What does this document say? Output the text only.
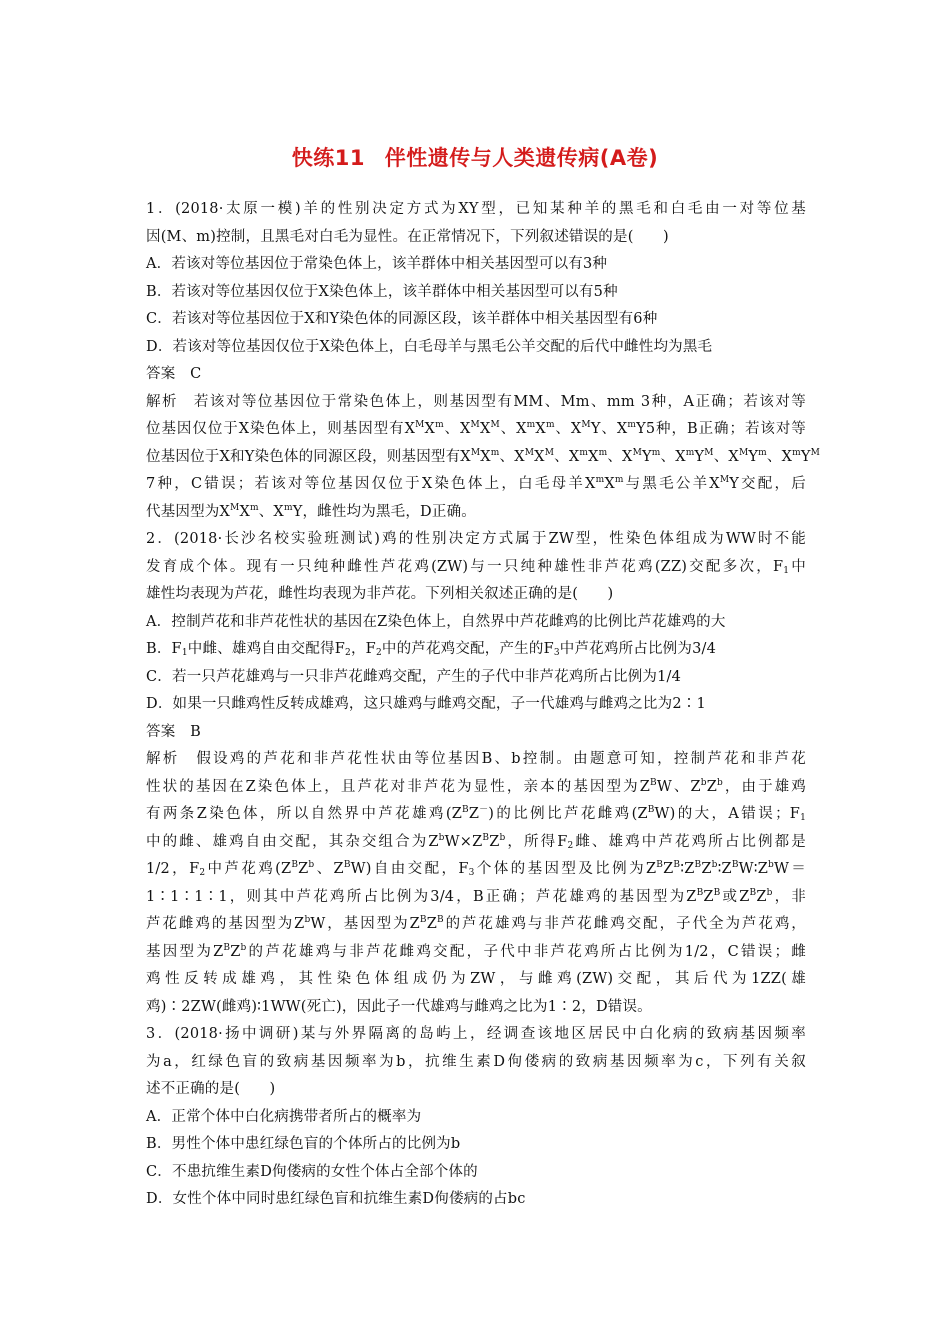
快练11 伴性遗传与人类遗传病(A卷)
1．(2018·太原一模)羊的性别决定方式为XY型，已知某种羊的黑毛和白毛由一对等位基
因(M、m)控制，且黑毛对白毛为显性。在正常情况下，下列叙述错误的是(　　)
A．若该对等位基因位于常染色体上，该羊群体中相关基因型可以有3种
B．若该对等位基因仅位于X染色体上，该羊群体中相关基因型可以有5种
C．若该对等位基因位于X和Y染色体的同源区段，该羊群体中相关基因型有6种
D．若该对等位基因仅位于X染色体上，白毛母羊与黑毛公羊交配的后代中雌性均为黑毛
答案　C
解析　若该对等位基因位于常染色体上，则基因型有MM、Mm、mm 3种，A正确；若该对等
位基因仅位于X染色体上，则基因型有$X^MX^m$、$X^MX^M$、$X^mX^m$、$X^MY$、$X^mY5$种，B正确；若该对等
位基因位于X和Y染色体的同源区段，则基因型有$X^MX^m$、$X^MX^M$、$X^mX^m$、$X^MY^m$、$X^mY^M$、$X^MY^m$、$X^mY^M$
7种，C错误；若该对等位基因仅位于X染色体上，白毛母羊$X^mX^m$与黑毛公羊$X^MY$交配，后
代基因型为$X^MX^m$、$X^mY$，雌性均为黑毛，D正确。
2．(2018·长沙名校实验班测试)鸡的性别决定方式属于ZW型，性染色体组成为WW时不能
发育成个体。现有一只纯种雌性芦花鸡(ZW)与一只纯种雄性非芦花鸡(ZZ)交配多次，$F_1$中
雄性均表现为芦花，雌性均表现为非芦花。下列相关叙述正确的是(　　)
A．控制芦花和非芦花性状的基因在Z染色体上，自然界中芦花雌鸡的比例比芦花雄鸡的大
B．$F_1$中雌、雄鸡自由交配得$F_2$，$F_2$中的芦花鸡交配，产生的$F_3$中芦花鸡所占比例为3/4
C．若一只芦花雄鸡与一只非芦花雌鸡交配，产生的子代中非芦花鸡所占比例为1/4
D．如果一只雌鸡性反转成雄鸡，这只雄鸡与雌鸡交配，子一代雄鸡与雌鸡之比为2∶1
答案　B
解析　假设鸡的芦花和非芦花性状由等位基因B、b控制。由题意可知，控制芦花和非芦花
性状的基因在Z染色体上，且芦花对非芦花为显性，亲本的基因型为$Z^BW$、$Z^bZ^b$，由于雄鸡
有两条Z染色体，所以自然界中芦花雄鸡$(Z^BZ^-)$的比例比芦花雌鸡$(Z^BW)$的大，A错误；$F_1$
中的雌、雄鸡自由交配，其杂交组合为$Z^bW\times Z^BZ^b$，所得$F_2$雌、雄鸡中芦花鸡所占比例都是
1/2，$F_2$中芦花鸡($Z^BZ^b$、$Z^BW$)自由交配，$F_3$个体的基因型及比例为$Z^BZ^B∶Z^BZ^b∶Z^BW∶Z^bW=$
1∶1∶1∶1，则其中芦花鸡所占比例为3/4，B正确；芦花雄鸡的基因型为$Z^BZ^B$或$Z^BZ^b$，非
芦花雌鸡的基因型为$Z^bW$，基因型为$Z^BZ^B$的芦花雄鸡与非芦花雌鸡交配，子代全为芦花鸡，
基因型为$Z^BZ^b$的芦花雄鸡与非芦花雌鸡交配，子代中非芦花鸡所占比例为1/2，C错误；雌
鸡性反转成雄鸡，其性染色体组成仍为ZW，与雌鸡(ZW)交配，其后代为1ZZ(雄
鸡)∶2ZW(雌鸡)∶1WW(死亡)，因此子一代雄鸡与雌鸡之比为1∶2，D错误。
3．(2018·扬中调研)某与外界隔离的岛屿上，经调查该地区居民中白化病的致病基因频率
为a，红绿色盲的致病基因频率为b，抗维生素D佝偻病的致病基因频率为c，下列有关叙
述不正确的是(　　)
A．正常个体中白化病携带者所占的概率为
B．男性个体中患红绿色盲的个体所占的比例为b
C．不患抗维生素D佝偻病的女性个体占全部个体的
D．女性个体中同时患红绿色盲和抗维生素D佝偻病的占bc
